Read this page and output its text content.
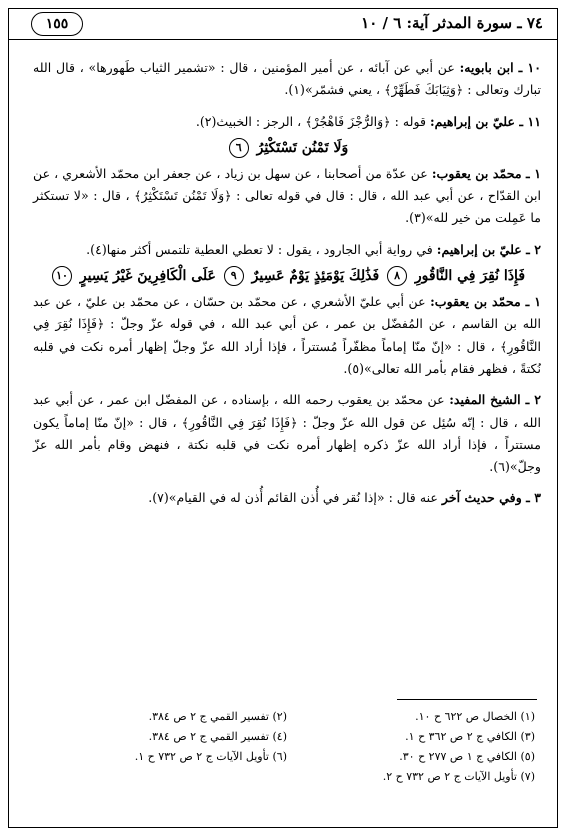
٧٤ ـ سورة المدثر آية: ٦ / ١٠
١٥٥

١٠ ـ ابن بابويه: عن أبي عن آبائه ، عن أمير المؤمنين ، قال : «تشمير الثياب طَهورها» ، قال الله تبارك وتعالى : ﴿وَثِيَابَكَ فَطَهِّرْ﴾ ، يعني فشمّر»(١).

١١ ـ عليّ بن إبراهيم: قوله : ﴿وَالرُّجْزَ فَاهْجُرْ﴾ ، الرجز : الخبيث(٢).

وَلَا تَمْنُن تَسْتَكْثِرُ ٦

١ ـ محمّد بن يعقوب: عن عدّة من أصحابنا ، عن سهل بن زياد ، عن جعفر ابن محمّد الأشعري ، عن ابن القدّاح ، عن أبي عبد الله ، قال : قال في قوله تعالى : ﴿وَلَا تَمْنُن تَسْتَكْثِرُ﴾ ، قال : «لا تستكثر ما عَمِلت من خير لله»(٣).

٢ ـ عليّ بن إبراهيم: في رواية أبي الجارود ، يقول : لا تعطي العطية تلتمس أكثر منها(٤).

فَإِذَا نُقِرَ فِي النَّاقُورِ ٨ فَذَٰلِكَ يَوْمَئِذٍ يَوْمٌ عَسِيرٌ ٩ عَلَى الْكَافِرِينَ غَيْرُ يَسِيرٍ ١٠

١ ـ محمّد بن يعقوب: عن أبي عليّ الأشعري ، عن محمّد بن حسّان ، عن محمّد بن عليّ ، عن عبد الله بن القاسم ، عن المُفضّل بن عمر ، عن أبي عبد الله ، في قوله عزّ وجلّ : ﴿فَإِذَا نُقِرَ فِي النَّاقُورِ﴾ ، قال : «إنّ منّا إماماً مظفّراً مُستتراً ، فإذا أراد الله عزّ وجلّ إظهار أمره نكت في قلبه نُكتةً ، فظهر فقام بأمر الله تعالى»(٥).

٢ ـ الشيخ المفيد: عن محمّد بن يعقوب رحمه الله ، بإسناده ، عن المفضّل ابن عمر ، عن أبي عبد الله ، قال : إنّه سُئِل عن قول الله عزّ وجلّ : ﴿فَإِذَا نُقِرَ فِي النَّاقُورِ﴾ ، قال : «إنّ منّا إماماً يكون مستتراً ، فإذا أراد الله عزّ ذكره إظهار أمره نكت في قلبه نكتة ، فنهض وقام بأمر الله عزّ وجلّ»(٦).

٣ ـ وفي حديث آخر عنه قال : «إذا نُقر في أُذن القائم أُذن له في القيام»(٧).

(١) الخصال ص ٦٢٢ ح ١٠.
(٢) تفسير القمي ج ٢ ص ٣٨٤.
(٣) الكافي ج ٢ ص ٣٦٢ ح ١.
(٤) تفسير القمي ج ٢ ص ٣٨٤.
(٥) الكافي ج ١ ص ٢٧٧ ح ٣٠.
(٦) تأويل الآيات ج ٢ ص ٧٣٢ ح ١.
(٧) تأويل الآيات ج ٢ ص ٧٣٢ ح ٢.
